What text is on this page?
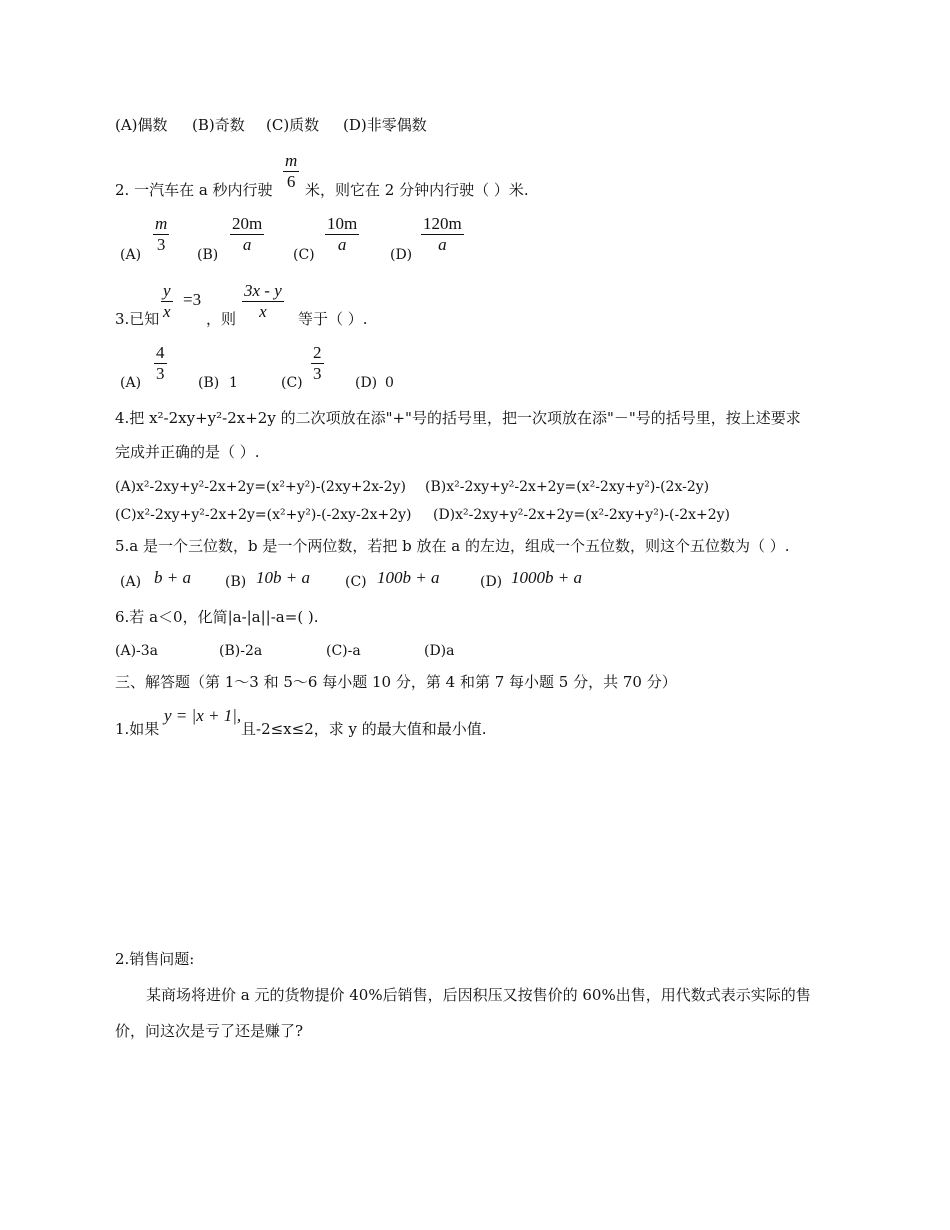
(A)偶数 (B)奇数 (C)质数 (D)非零偶数
2. 一汽车在 a 秒内行驶
m
6 米，则它在 2 分钟内行驶（ ）米.
(A)
m
3
(B)
20m
a
(C)
10m
a
(D)
120m
a
3.已知
y
x
=3
，则
3x - y
x	等于（ ）.
(A)
4
3 (B) 1	(C)
2
3 (D) 0
4.把 x²-2xy+y²-2x+2y 的二次项放在添"+"号的括号里，把一次项放在添"－"号的括号里，按上述要求
完成并正确的是（ ）.
(A)x²-2xy+y²-2x+2y=(x²+y²)-(2xy+2x-2y) (B)x²-2xy+y²-2x+2y=(x²-2xy+y²)-(2x-2y)
(C)x²-2xy+y²-2x+2y=(x²+y²)-(-2xy-2x+2y) (D)x²-2xy+y²-2x+2y=(x²-2xy+y²)-(-2x+2y)
5.a 是一个三位数，b 是一个两位数，若把 b 放在 a 的左边，组成一个五位数，则这个五位数为（ ）.
(A) b + a (B) 10b + a	(C) 100b + a	(D) 1000b + a
6.若 a＜0，化简|a-|a||-a=( ).
(A)-3a	(B)-2a	(C)-a	(D)a
三、解答题（第 1～3 和 5～6 每小题 10 分，第 4 和第 7 每小题 5 分，共 70 分）
1.如果
y = |x + 1|,
且-2≤x≤2，求 y 的最大值和最小值.
2.销售问题:
某商场将进价 a 元的货物提价 40%后销售，后因积压又按售价的 60%出售，用代数式表示实际的售
价，问这次是亏了还是赚了?
